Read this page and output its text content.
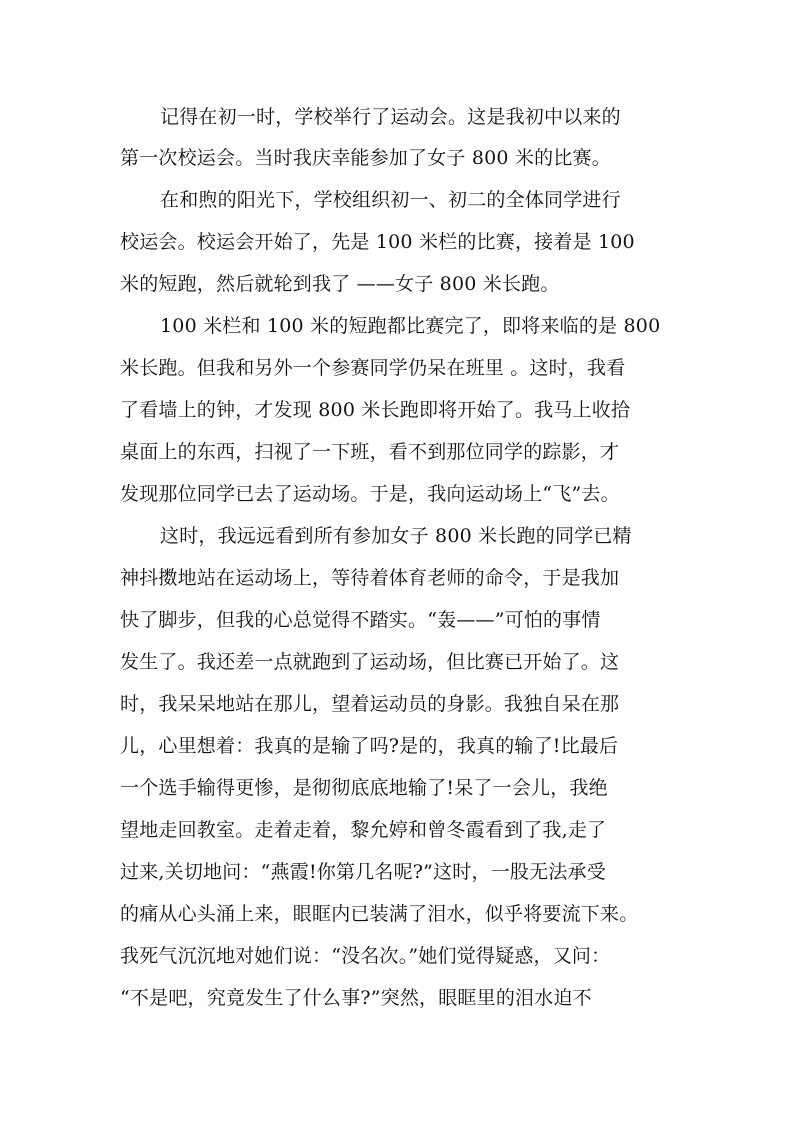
记得在初一时，学校举行了运动会。这是我初中以来的
第一次校运会。当时我庆幸能参加了女子 800 米的比赛。
在和煦的阳光下，学校组织初一、初二的全体同学进行
校运会。校运会开始了，先是 100 米栏的比赛，接着是 100
米的短跑，然后就轮到我了 ——女子 800 米长跑。
100 米栏和 100 米的短跑都比赛完了，即将来临的是 800
米长跑。但我和另外一个参赛同学仍呆在班里 。这时，我看
了看墙上的钟，才发现 800 米长跑即将开始了。我马上收拾
桌面上的东西，扫视了一下班，看不到那位同学的踪影，才
发现那位同学已去了运动场。于是，我向运动场上“飞”去。
这时，我远远看到所有参加女子 800 米长跑的同学已精
神抖擞地站在运动场上，等待着体育老师的命令，于是我加
快了脚步，但我的心总觉得不踏实。“轰——”可怕的事情
发生了。我还差一点就跑到了运动场，但比赛已开始了。这
时，我呆呆地站在那儿，望着运动员的身影。我独自呆在那
儿，心里想着：我真的是输了吗?是的，我真的输了!比最后
一个选手输得更惨，是彻彻底底地输了!呆了一会儿，我绝
望地走回教室。走着走着，黎允婷和曾冬霞看到了我,走了
过来,关切地问：“燕霞!你第几名呢?”这时，一股无法承受
的痛从心头涌上来，眼眶内已装满了泪水，似乎将要流下来。
我死气沉沉地对她们说：“没名次。”她们觉得疑惑，又问：
“不是吧，究竟发生了什么事?”突然，眼眶里的泪水迫不
